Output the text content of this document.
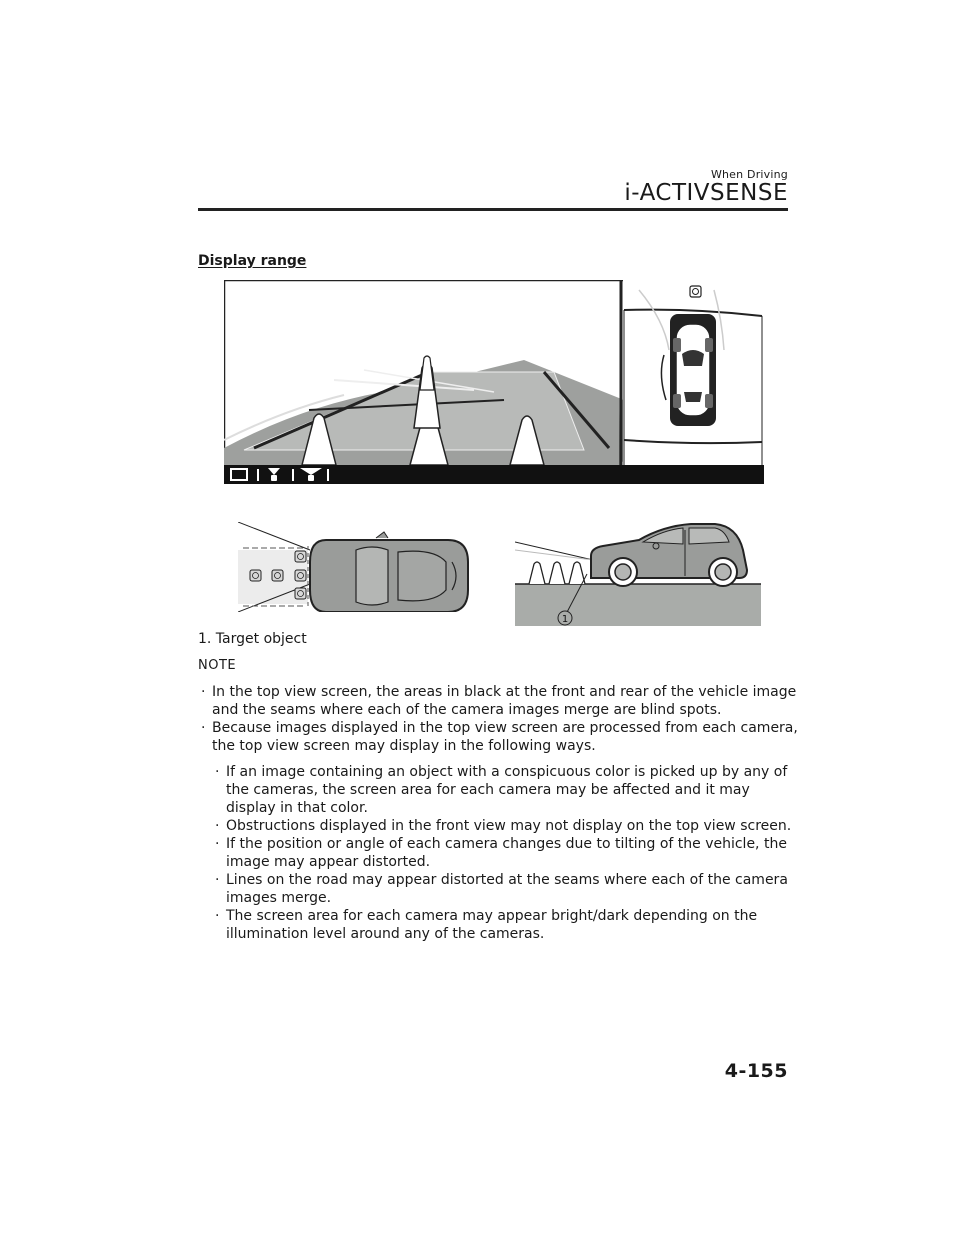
When Driving
i-ACTIVSENSE
Display range
1
1. Target object
NOTE
· In the top view screen, the areas in black at the front and rear of the vehicle image and the seams where each of the camera images merge are blind spots.
· Because images displayed in the top view screen are processed from each camera, the top view screen may display in the following ways.
· If an image containing an object with a conspicuous color is picked up by any of the cameras, the screen area for each camera may be affected and it may display in that color.
· Obstructions displayed in the front view may not display on the top view screen.
· If the position or angle of each camera changes due to tilting of the vehicle, the image may appear distorted.
· Lines on the road may appear distorted at the seams where each of the camera images merge.
· The screen area for each camera may appear bright/dark depending on the illumination level around any of the cameras.
4-155
